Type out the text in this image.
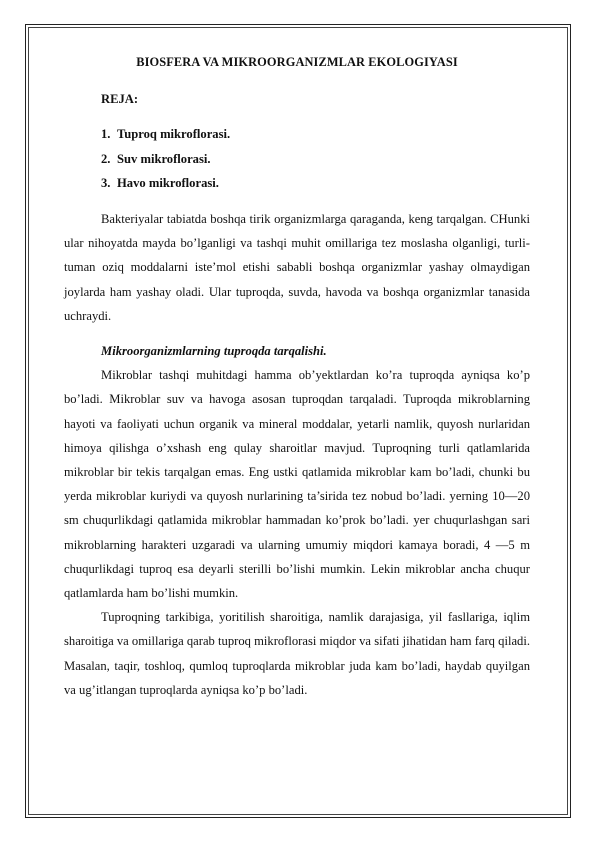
BIOSFERA VA MIKROORGANIZMLAR EKOLOGIYASI
REJA:
1. Tuproq mikroflorasi.
2. Suv mikroflorasi.
3. Havo mikroflorasi.

Bakteriyalar tabiatda boshqa tirik organizmlarga qaraganda, keng tarqalgan. CHunki ular nihoyatda mayda bo’lganligi va tashqi muhit omillariga tez moslasha olganligi, turli-tuman oziq moddalarni iste’mol etishi sababli boshqa organizmlar yashay olmaydigan joylarda ham yashay oladi. Ular tuproqda, suvda, havoda va boshqa organizmlar tanasida uchraydi.

Mikroorganizmlarning tuproqda tarqalishi.

Mikroblar tashqi muhitdagi hamma ob’yektlardan ko’ra tuproqda ayniqsa ko’p bo’ladi. Mikroblar suv va havoga asosan tuproqdan tarqaladi. Tuproqda mikroblarning hayoti va faoliyati uchun organik va mineral moddalar, yetarli namlik, quyosh nurlaridan himoya qilishga o’xshash eng qulay sharoitlar mavjud. Tuproqning turli qatlamlarida mikroblar bir tekis tarqalgan emas. Eng ustki qatlamida mikroblar kam bo’ladi, chunki bu yerda mikroblar kuriydi va quyosh nurlarining ta’sirida tez nobud bo’ladi. yerning 10—20 sm chuqurlikdagi qatlamida mikroblar hammadan ko’prok bo’ladi. yer chuqurlashgan sari mikroblarning harakteri uzgaradi va ularning umumiy miqdori kamaya boradi, 4 —5 m chuqurlikdagi tuproq esa deyarli sterilli bo’lishi mumkin. Lekin mikroblar ancha chuqur qatlamlarda ham bo’lishi mumkin.

Tuproqning tarkibiga, yoritilish sharoitiga, namlik darajasiga, yil fasllariga, iqlim sharoitiga va omillariga qarab tuproq mikroflorasi miqdor va sifati jihatidan ham farq qiladi. Masalan, taqir, toshloq, qumloq tuproqlarda mikroblar juda kam bo’ladi, haydab quyilgan va ug’itlangan tuproqlarda ayniqsa ko’p bo’ladi.
